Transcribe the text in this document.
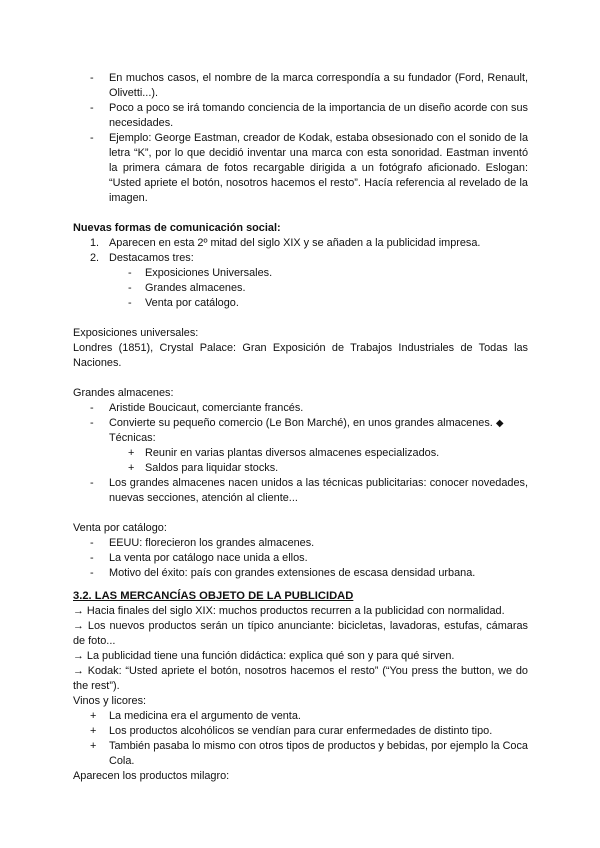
-	En muchos casos, el nombre de la marca correspondía a su fundador (Ford, Renault, Olivetti...).
-	Poco a poco se irá tomando conciencia de la importancia de un diseño acorde con sus necesidades.
-	Ejemplo: George Eastman, creador de Kodak, estaba obsesionado con el sonido de la letra “K”, por lo que decidió inventar una marca con esta sonoridad. Eastman inventó la primera cámara de fotos recargable dirigida a un fotógrafo aficionado. Eslogan: “Usted apriete el botón, nosotros hacemos el resto”. Hacía referencia al revelado de la imagen.
Nuevas formas de comunicación social:
1. Aparecen en esta 2º mitad del siglo XIX y se añaden a la publicidad impresa.
2. Destacamos tres:
-	Exposiciones Universales.
-	Grandes almacenes.
-	Venta por catálogo.
Exposiciones universales:
Londres (1851), Crystal Palace: Gran Exposición de Trabajos Industriales de Todas las Naciones.
Grandes almacenes:
-	Aristide Boucicaut, comerciante francés.
-	Convierte su pequeño comercio (Le Bon Marché), en unos grandes almacenes. ◆
Técnicas:
+ Reunir en varias plantas diversos almacenes especializados.
+ Saldos para liquidar stocks.
-	Los grandes almacenes nacen unidos a las técnicas publicitarias: conocer novedades, nuevas secciones, atención al cliente...
Venta por catálogo:
-	EEUU: florecieron los grandes almacenes.
-	La venta por catálogo nace unida a ellos.
-	Motivo del éxito: país con grandes extensiones de escasa densidad urbana.
3.2. LAS MERCANCÍAS OBJETO DE LA PUBLICIDAD
→ Hacia finales del siglo XIX: muchos productos recurren a la publicidad con normalidad.
→ Los nuevos productos serán un típico anunciante: bicicletas, lavadoras, estufas, cámaras de foto...
→ La publicidad tiene una función didáctica: explica qué son y para qué sirven.
→ Kodak: “Usted apriete el botón, nosotros hacemos el resto” (“You press the button, we do the rest”).
Vinos y licores:
+	La medicina era el argumento de venta.
+	Los productos alcohólicos se vendían para curar enfermedades de distinto tipo.
+	También pasaba lo mismo con otros tipos de productos y bebidas, por ejemplo la Coca Cola.
Aparecen los productos milagro:
